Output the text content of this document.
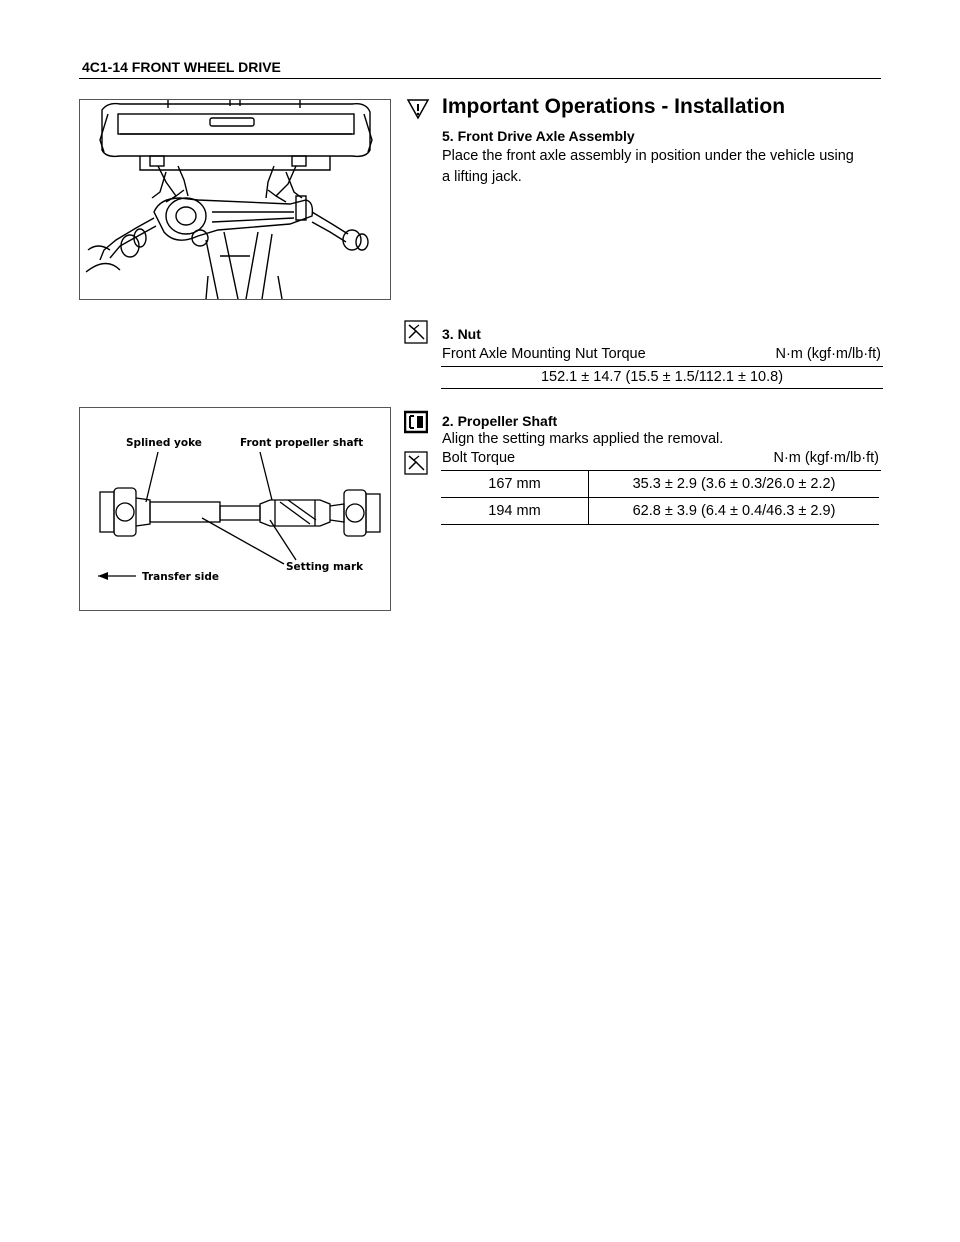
4C1-14 FRONT WHEEL DRIVE
Important Operations - Installation
5. Front Drive Axle Assembly
Place the front axle assembly in position under the vehicle using a lifting jack.
3. Nut
Front Axle Mounting Nut Torque	N·m (kgf·m/lb·ft)
152.1 ± 14.7 (15.5 ± 1.5/112.1 ± 10.8)
Splined yoke	Front propeller shaft
Transfer side
Setting mark
2. Propeller Shaft
Align the setting marks applied the removal.
Bolt Torque	N·m (kgf·m/lb·ft)
167 mm	35.3 ± 2.9 (3.6 ± 0.3/26.0 ± 2.2)
194 mm	62.8 ± 3.9 (6.4 ± 0.4/46.3 ± 2.9)
